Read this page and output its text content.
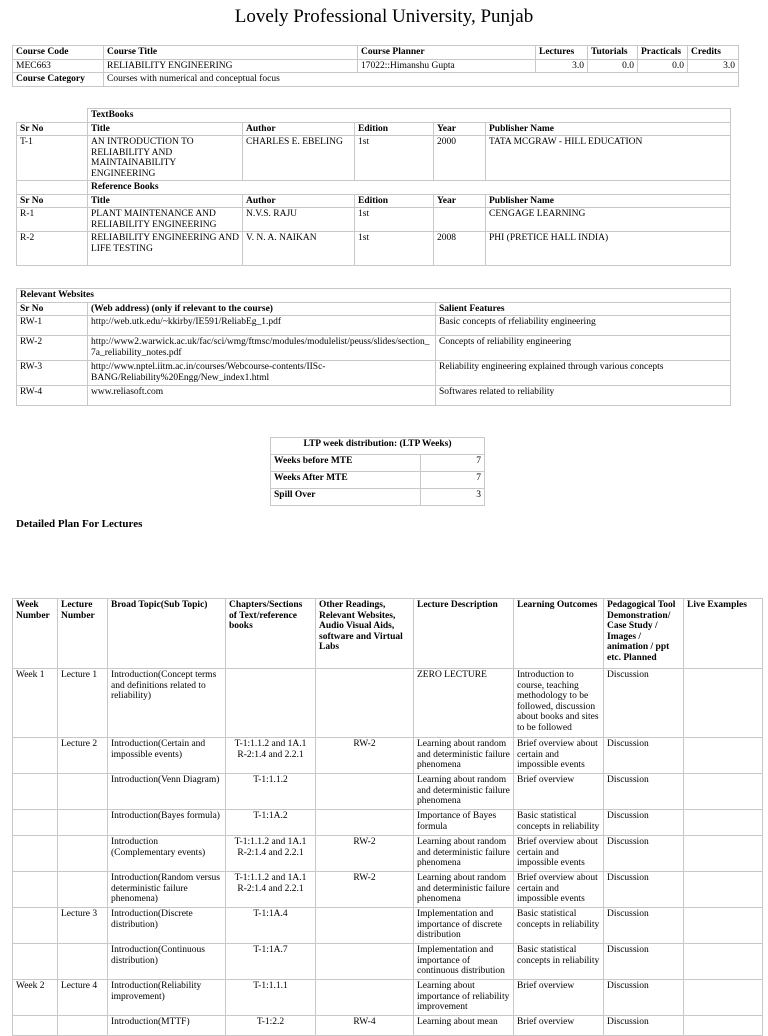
Lovely Professional University, Punjab
Course Code	Course Title	Course Planner	Lectures	Tutorials	Practicals	Credits
MEC663	RELIABILITY ENGINEERING	17022::Himanshu Gupta	3.0	0.0	0.0	3.0
Course Category	Courses with numerical and conceptual focus					
	TextBooks				
Sr No	Title	Author	Edition	Year	Publisher Name
T-1	AN INTRODUCTION TO RELIABILITY AND MAINTAINABILITY ENGINEERING	CHARLES E. EBELING	1st	2000	TATA MCGRAW - HILL EDUCATION
	Reference Books				
Sr No	Title	Author	Edition	Year	Publisher Name
R-1	PLANT MAINTENANCE AND RELIABILITY ENGINEERING	N.V.S. RAJU	1st		CENGAGE LEARNING
R-2	RELIABILITY ENGINEERING AND LIFE TESTING	V. N. A. NAIKAN	1st	2008	PHI (PRETICE HALL INDIA)
Relevant Websites		
Sr No	(Web address) (only if relevant to the course)	Salient Features
RW-1	http://web.utk.edu/~kkirby/IE591/ReliabEg_1.pdf	Basic concepts of rfeliability engineering
RW-2	http://www2.warwick.ac.uk/fac/sci/wmg/ftmsc/modules/modulelist/peuss/slides/section_7a_reliability_notes.pdf	Concepts of reliability engineering
RW-3	http://www.nptel.iitm.ac.in/courses/Webcourse-contents/IISc-BANG/Reliability%20Engg/New_index1.html	Reliability engineering explained through various concepts
RW-4	www.reliasoft.com	Softwares related to reliability
LTP week distribution: (LTP Weeks)	
Weeks before MTE	7
Weeks After MTE	7
Spill Over	3
Detailed Plan For Lectures
Week Number	Lecture Number	Broad Topic(Sub Topic)	Chapters/Sections of Text/reference books	Other Readings, Relevant Websites, Audio Visual Aids, software and Virtual Labs	Lecture Description	Learning Outcomes	Pedagogical Tool Demonstration/ Case Study / Images / animation / ppt etc. Planned	Live Examples
Week 1	Lecture 1	Introduction(Concept terms and definitions related to reliability)			ZERO LECTURE	Introduction to course, teaching methodology to be followed, discussion about books and sites to be followed	Discussion	
	Lecture 2	Introduction(Certain and impossible events)	T-1:1.1.2 and 1A.1 R-2:1.4 and 2.2.1	RW-2	Learning about random and deterministic failure phenomena	Brief overview about certain and impossible events	Discussion	
		Introduction(Venn Diagram)	T-1:1.1.2		Learning about random and deterministic failure phenomena	Brief overview	Discussion	
		Introduction(Bayes formula)	T-1:1A.2		Importance of Bayes formula	Basic statistical concepts in reliability	Discussion	
		Introduction (Complementary events)	T-1:1.1.2 and 1A.1 R-2:1.4 and 2.2.1	RW-2	Learning about random and deterministic failure phenomena	Brief overview about certain and impossible events	Discussion	
		Introduction(Random versus deterministic failure phenomena)	T-1:1.1.2 and 1A.1 R-2:1.4 and 2.2.1	RW-2	Learning about random and deterministic failure phenomena	Brief overview about certain and impossible events	Discussion	
	Lecture 3	Introduction(Discrete distribution)	T-1:1A.4		Implementation and importance of discrete distribution	Basic statistical concepts in reliability	Discussion	
		Introduction(Continuous distribution)	T-1:1A.7		Implementation and importance of continuous distribution	Basic statistical concepts in reliability	Discussion	
Week 2	Lecture 4	Introduction(Reliability improvement)	T-1:1.1.1		Learning about importance of reliability improvement	Brief overview	Discussion	
		Introduction(MTTF)	T-1:2.2	RW-4	Learning about mean	Brief overview	Discussion	
